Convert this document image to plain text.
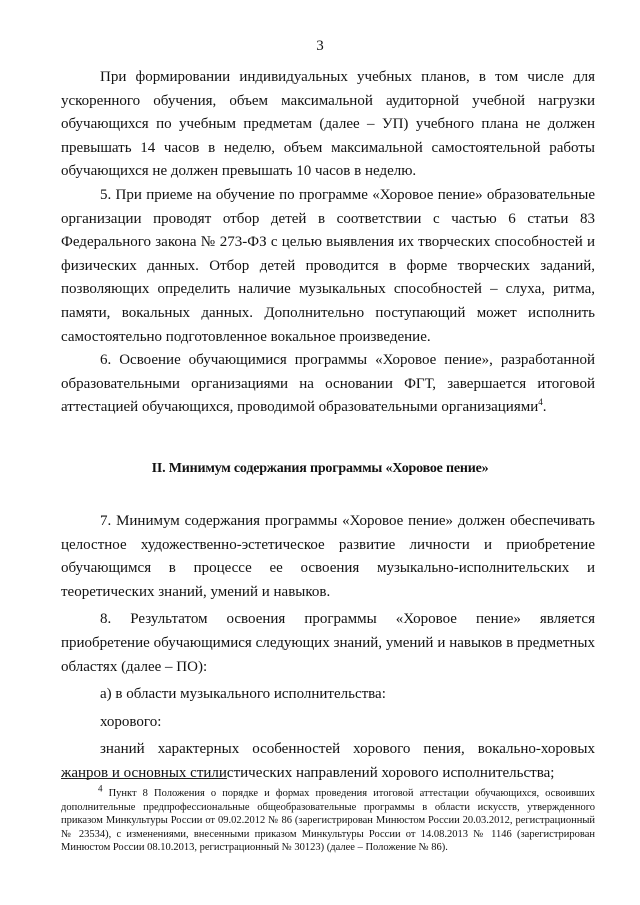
3

При формировании индивидуальных учебных планов, в том числе для ускоренного обучения, объем максимальной аудиторной учебной нагрузки обучающихся по учебным предметам (далее – УП) учебного плана не должен превышать 14 часов в неделю, объем максимальной самостоятельной работы обучающихся не должен превышать 10 часов в неделю.

5. При приеме на обучение по программе «Хоровое пение» образовательные организации проводят отбор детей в соответствии с частью 6 статьи 83 Федерального закона № 273-ФЗ с целью выявления их творческих способностей и физических данных. Отбор детей проводится в форме творческих заданий, позволяющих определить наличие музыкальных способностей – слуха, ритма, памяти, вокальных данных. Дополнительно поступающий может исполнить самостоятельно подготовленное вокальное произведение.

6. Освоение обучающимися программы «Хоровое пение», разработанной образовательными организациями на основании ФГТ, завершается итоговой аттестацией обучающихся, проводимой образовательными организациями$^4$.

II. Минимум содержания программы «Хоровое пение»

7. Минимум содержания программы «Хоровое пение» должен обеспечивать целостное художественно-эстетическое развитие личности и приобретение обучающимся в процессе ее освоения музыкально-исполнительских и теоретических знаний, умений и навыков.

8. Результатом освоения программы «Хоровое пение» является приобретение обучающимися следующих знаний, умений и навыков в предметных областях (далее – ПО):

а) в области музыкального исполнительства:

хорового:

знаний характерных особенностей хорового пения, вокально-хоровых жанров и основных стилистических направлений хорового исполнительства;

$^4$ Пункт 8 Положения о порядке и формах проведения итоговой аттестации обучающихся, освоивших дополнительные предпрофессиональные общеобразовательные программы в области искусств, утвержденного приказом Минкультуры России от 09.02.2012 № 86 (зарегистрирован Минюстом России 20.03.2012, регистрационный № 23534), с изменениями, внесенными приказом Минкультуры России от 14.08.2013 № 1146 (зарегистрирован Минюстом России 08.10.2013, регистрационный № 30123) (далее – Положение № 86).
